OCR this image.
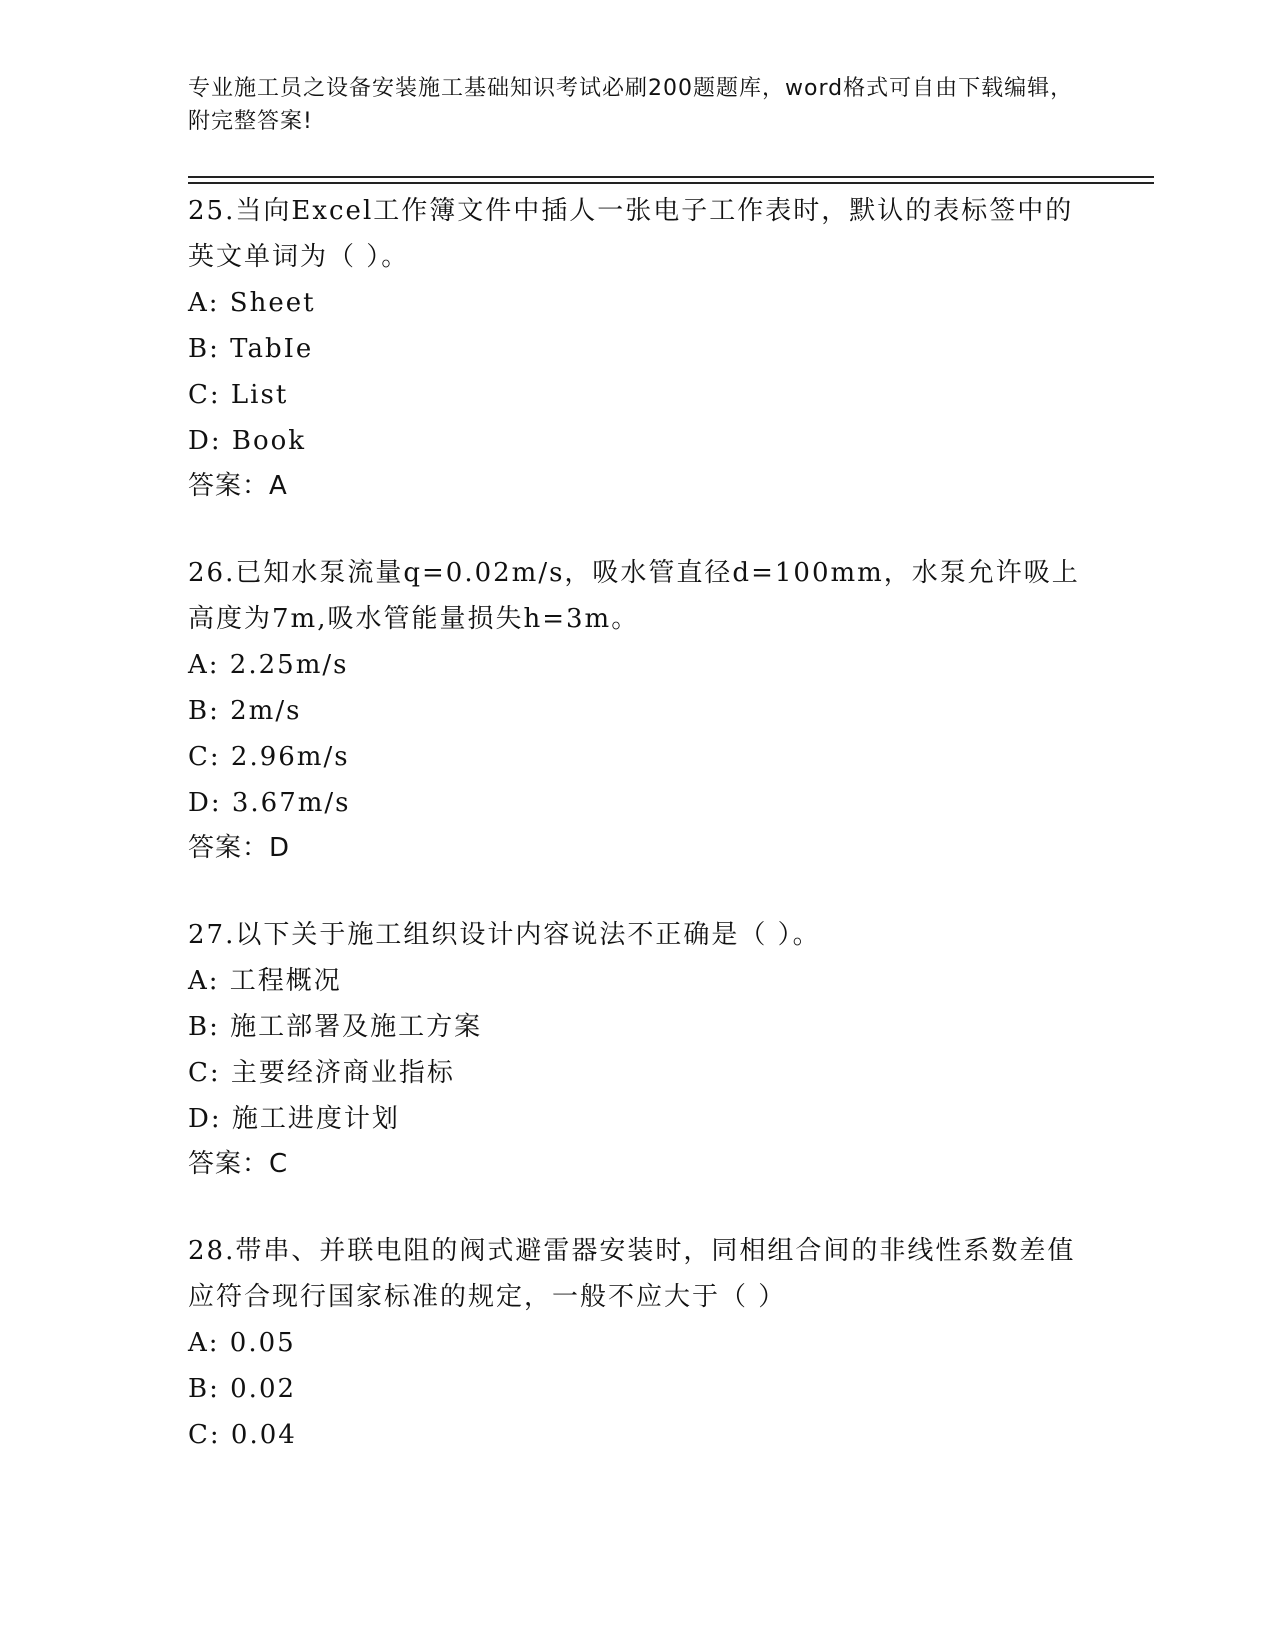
专业施工员之设备安装施工基础知识考试必刷200题题库，word格式可自由下载编辑，附完整答案!
25.当向Excel工作簿文件中插人一张电子工作表时，默认的表标签中的英文单词为（ ）。
A: Sheet
B: TabIe
C: List
D: Book
答案：A
26.已知水泵流量q=0.02m/s，吸水管直径d=100mm，水泵允许吸上高度为7m,吸水管能量损失h=3m。
A: 2.25m/s
B: 2m/s
C: 2.96m/s
D: 3.67m/s
答案：D
27.以下关于施工组织设计内容说法不正确是（ ）。
A: 工程概况
B: 施工部署及施工方案
C: 主要经济商业指标
D: 施工进度计划
答案：C
28.带串、并联电阻的阀式避雷器安装时，同相组合间的非线性系数差值应符合现行国家标准的规定，一般不应大于（ ）
A: 0.05
B: 0.02
C: 0.04
